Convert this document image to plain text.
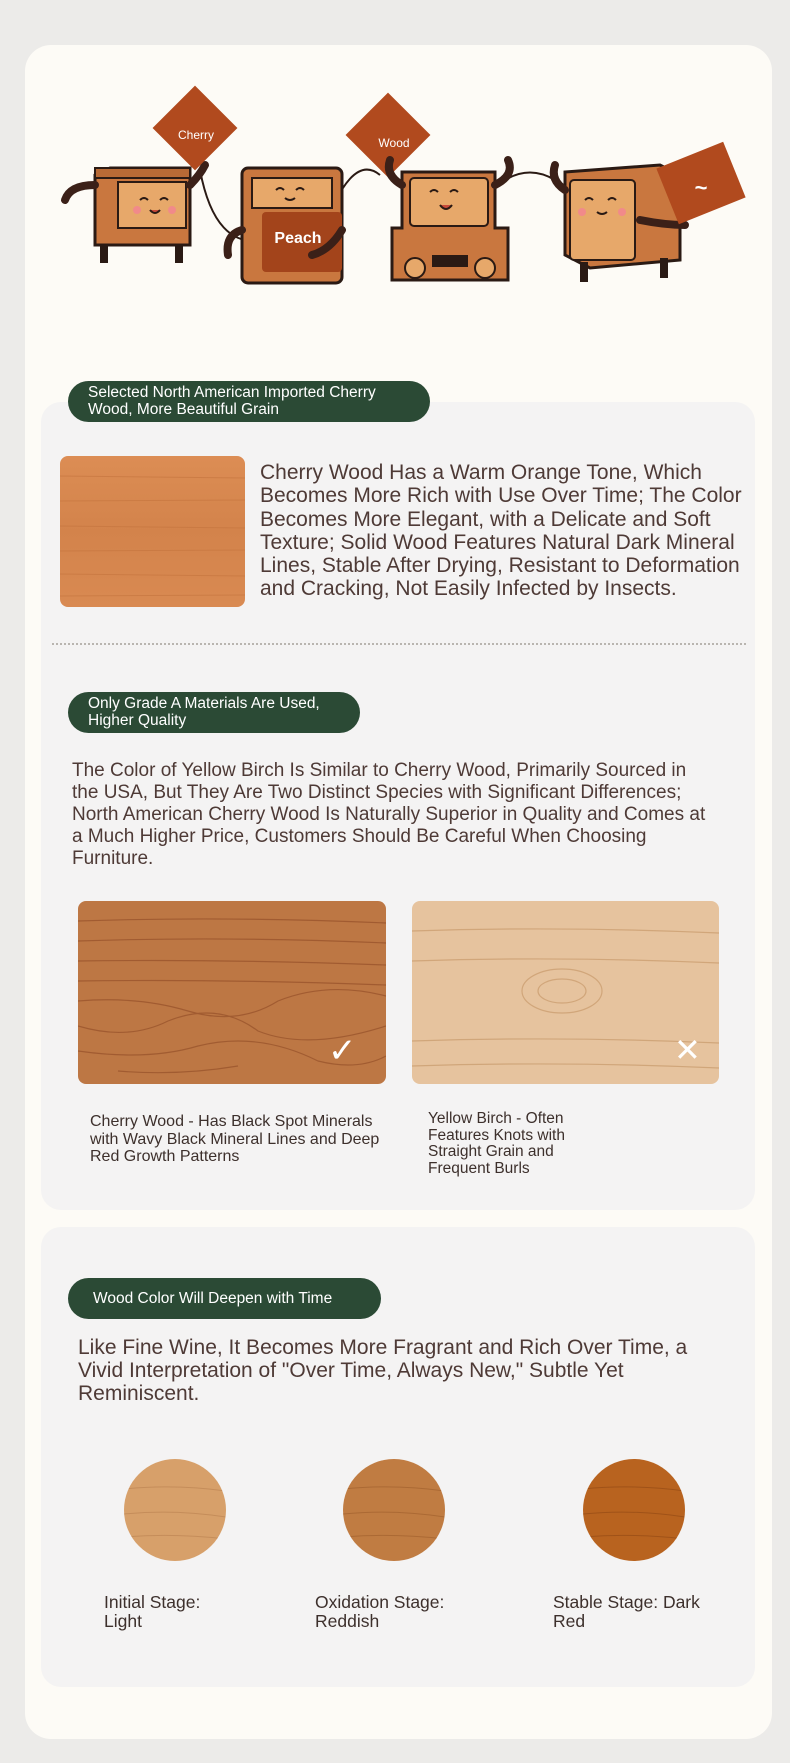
Cherry
Wood
Peach
~
Selected North American Imported Cherry
Wood, More Beautiful Grain
Cherry Wood Has a Warm Orange Tone, Which Becomes More Rich with Use Over Time; The Color Becomes More Elegant, with a Delicate and Soft Texture; Solid Wood Features Natural Dark Mineral Lines, Stable After Drying, Resistant to Deformation and Cracking, Not Easily Infected by Insects.
Only Grade A Materials Are Used,
Higher Quality
The Color of Yellow Birch Is Similar to Cherry Wood, Primarily Sourced in the USA, But They Are Two Distinct Species with Significant Differences; North American Cherry Wood Is Naturally Superior in Quality and Comes at a Much Higher Price, Customers Should Be Careful When Choosing Furniture.
✓	✕
Cherry Wood - Has Black Spot Minerals with Wavy Black Mineral Lines and Deep Red Growth Patterns
Yellow Birch - Often Features Knots with Straight Grain and Frequent Burls
Wood Color Will Deepen with Time
Like Fine Wine, It Becomes More Fragrant and Rich Over Time, a Vivid Interpretation of "Over Time, Always New," Subtle Yet Reminiscent.
Initial Stage: Light
Oxidation Stage: Reddish
Stable Stage: Dark Red
